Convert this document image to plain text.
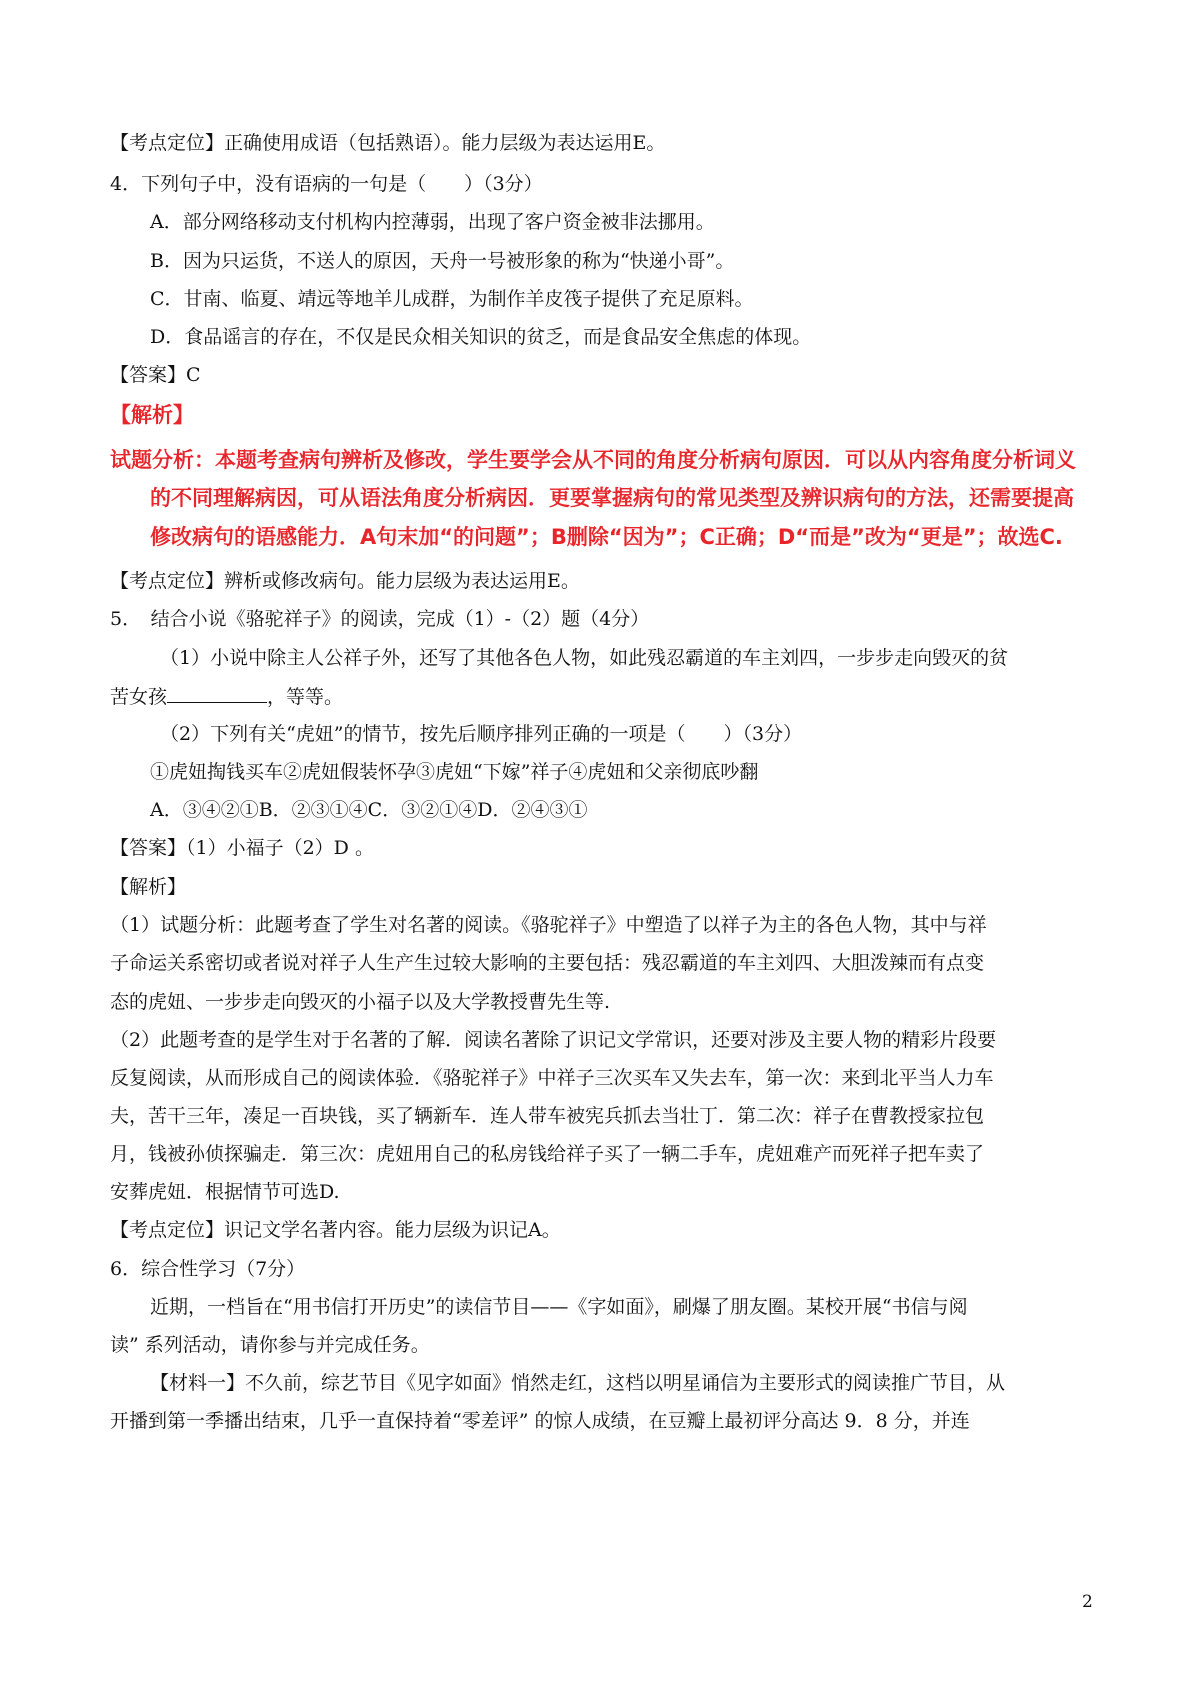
【考点定位】正确使用成语（包括熟语）。能力层级为表达运用E。
4．下列句子中，没有语病的一句是（　　）（3分）
A．部分网络移动支付机构内控薄弱，出现了客户资金被非法挪用。
B．因为只运货，不送人的原因，天舟一号被形象的称为“快递小哥”。
C．甘南、临夏、靖远等地羊儿成群，为制作羊皮筏子提供了充足原料。
D．食品谣言的存在，不仅是民众相关知识的贫乏，而是食品安全焦虑的体现。
【答案】C
【解析】
试题分析：本题考查病句辨析及修改，学生要学会从不同的角度分析病句原因．可以从内容角度分析词义
的不同理解病因，可从语法角度分析病因．更要掌握病句的常见类型及辨识病句的方法，还需要提高
修改病句的语感能力．A句末加“的问题”；B删除“因为”；C正确；D“而是”改为“更是”；故选C.
【考点定位】辨析或修改病句。能力层级为表达运用E。
5．　结合小说《骆驼祥子》的阅读，完成（1）-（2）题（4分）
（1）小说中除主人公祥子外，还写了其他各色人物，如此残忍霸道的车主刘四，一步步走向毁灭的贫
苦女孩	，等等。
（2）下列有关“虎妞”的情节，按先后顺序排列正确的一项是（　　）（3分）
①虎妞掏钱买车②虎妞假装怀孕③虎妞“下嫁”祥子④虎妞和父亲彻底吵翻
A．③④②①B．②③①④C．③②①④D．②④③①
【答案】（1）小福子（2）D 。
【解析】
（1）试题分析：此题考查了学生对名著的阅读。《骆驼祥子》中塑造了以祥子为主的各色人物，其中与祥
子命运关系密切或者说对祥子人生产生过较大影响的主要包括：残忍霸道的车主刘四、大胆泼辣而有点变
态的虎妞、一步步走向毁灭的小福子以及大学教授曹先生等.
（2）此题考查的是学生对于名著的了解．阅读名著除了识记文学常识，还要对涉及主要人物的精彩片段要
反复阅读，从而形成自己的阅读体验．《骆驼祥子》中祥子三次买车又失去车，第一次：来到北平当人力车
夫，苦干三年，凑足一百块钱，买了辆新车．连人带车被宪兵抓去当壮丁．第二次：祥子在曹教授家拉包
月，钱被孙侦探骗走．第三次：虎妞用自己的私房钱给祥子买了一辆二手车，虎妞难产而死祥子把车卖了
安葬虎妞．根据情节可选D.
【考点定位】识记文学名著内容。能力层级为识记A。
6．综合性学习（7分）
近期，一档旨在“用书信打开历史”的读信节目——《字如面》，刷爆了朋友圈。某校开展“书信与阅
读” 系列活动，请你参与并完成任务。
【材料一】不久前，综艺节目《见字如面》悄然走红，这档以明星诵信为主要形式的阅读推广节目，从
开播到第一季播出结束，几乎一直保持着“零差评” 的惊人成绩，在豆瓣上最初评分高达 9．8 分，并连
2
